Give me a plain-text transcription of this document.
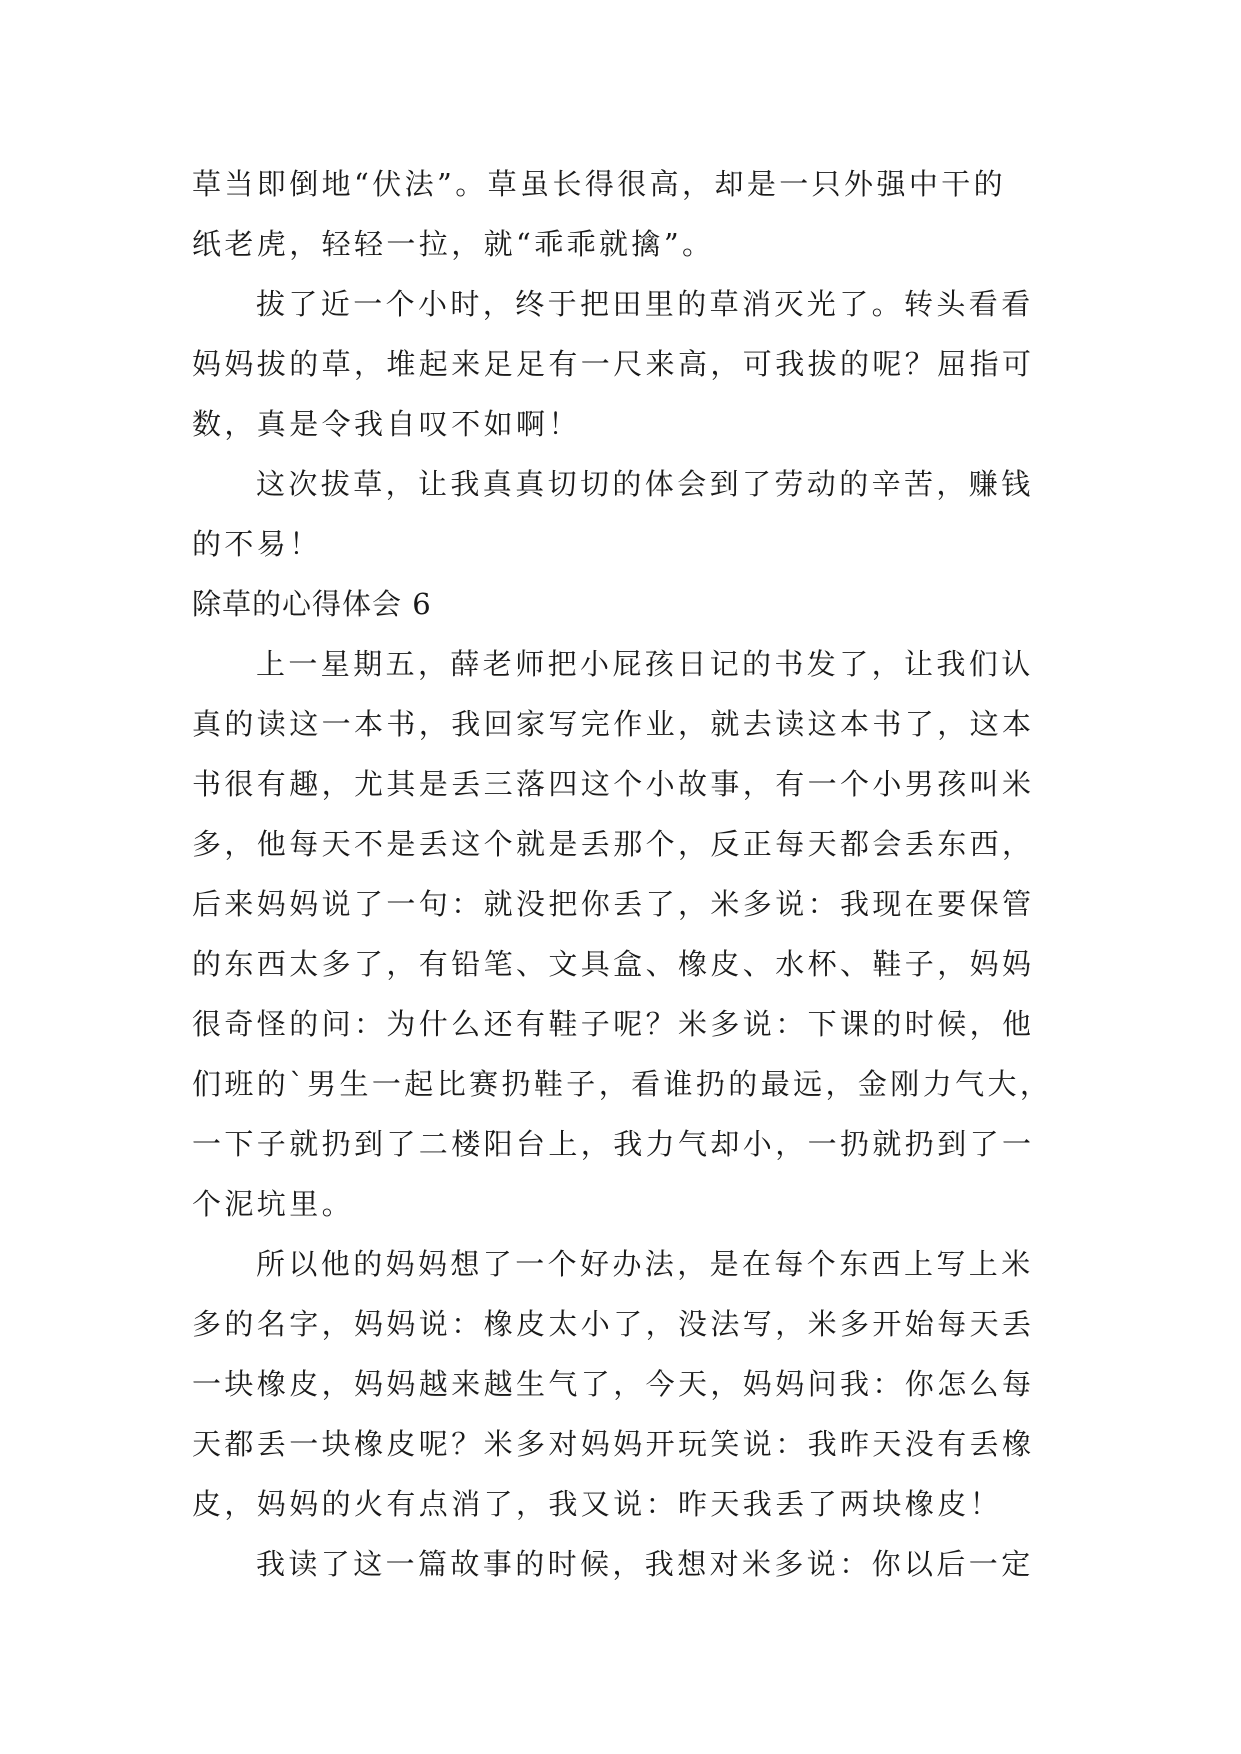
草当即倒地“伏法”。草虽长得很高，却是一只外强中干的
纸老虎，轻轻一拉，就“乖乖就擒”。
拔了近一个小时，终于把田里的草消灭光了。转头看看
妈妈拔的草，堆起来足足有一尺来高，可我拔的呢？屈指可
数，真是令我自叹不如啊！
这次拔草，让我真真切切的体会到了劳动的辛苦，赚钱
的不易！
除草的心得体会 6
上一星期五，薛老师把小屁孩日记的书发了，让我们认
真的读这一本书，我回家写完作业，就去读这本书了，这本
书很有趣，尤其是丢三落四这个小故事，有一个小男孩叫米
多，他每天不是丢这个就是丢那个，反正每天都会丢东西，
后来妈妈说了一句：就没把你丢了，米多说：我现在要保管
的东西太多了，有铅笔、文具盒、橡皮、水杯、鞋子，妈妈
很奇怪的问：为什么还有鞋子呢？米多说：下课的时候，他
们班的`男生一起比赛扔鞋子，看谁扔的最远，金刚力气大，
一下子就扔到了二楼阳台上，我力气却小，一扔就扔到了一
个泥坑里。
所以他的妈妈想了一个好办法，是在每个东西上写上米
多的名字，妈妈说：橡皮太小了，没法写，米多开始每天丢
一块橡皮，妈妈越来越生气了，今天，妈妈问我：你怎么每
天都丢一块橡皮呢？米多对妈妈开玩笑说：我昨天没有丢橡
皮，妈妈的火有点消了，我又说：昨天我丢了两块橡皮！
我读了这一篇故事的时候，我想对米多说：你以后一定
